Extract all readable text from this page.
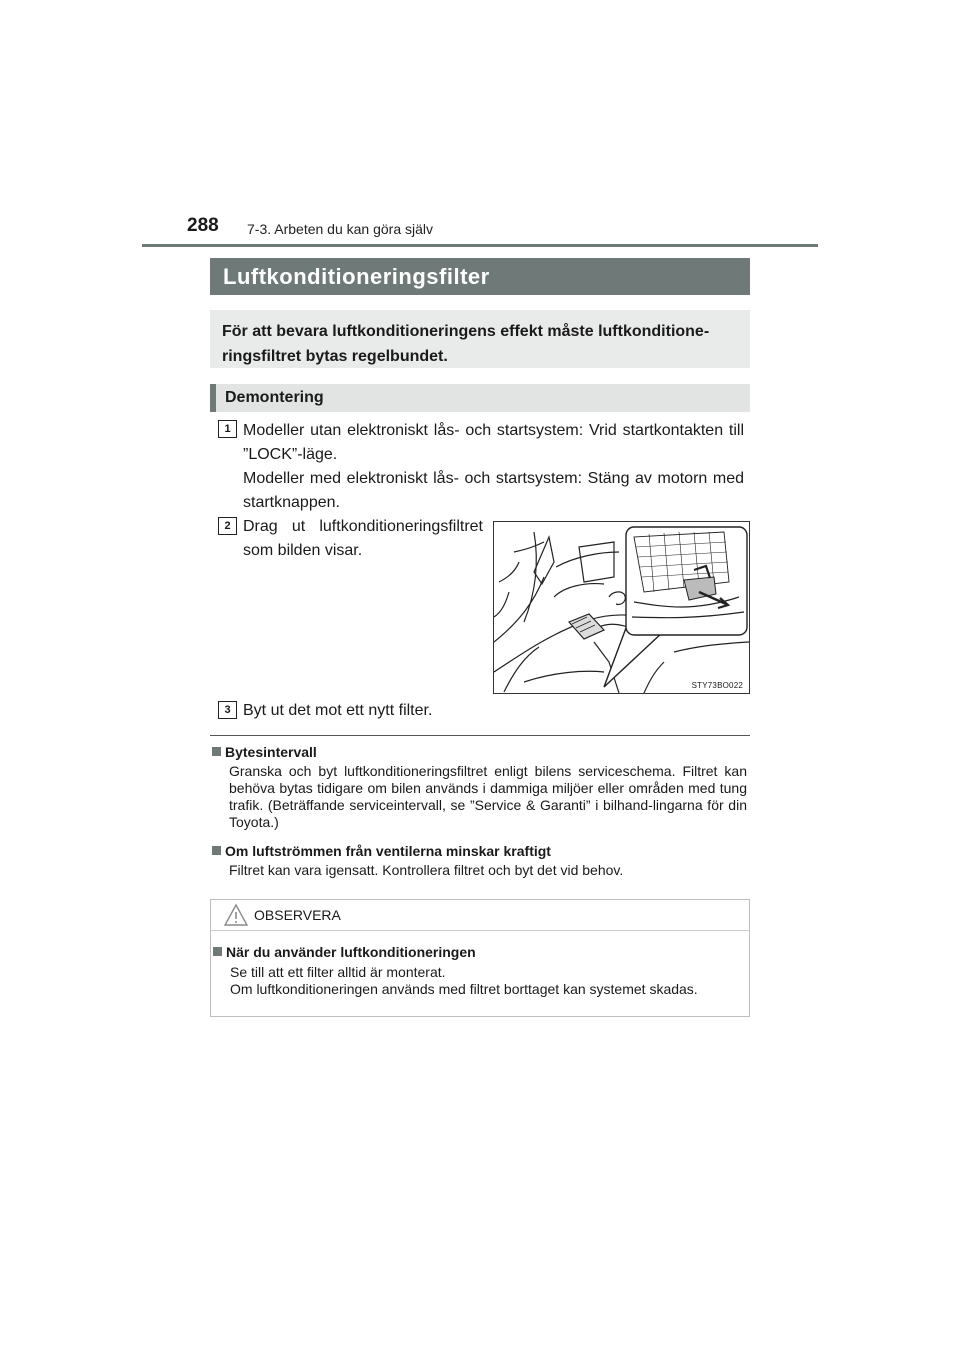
288 7-3. Arbeten du kan göra själv
Luftkonditioneringsfilter
För att bevara luftkonditioneringens effekt måste luftkonditione-ringsfiltret bytas regelbundet.
Demontering
1 Modeller utan elektroniskt lås- och startsystem: Vrid startkontakten till ”LOCK”-läge.
Modeller med elektroniskt lås- och startsystem: Stäng av motorn med startknappen.
2 Drag ut luftkonditioneringsfiltret som bilden visar.
STY73BO022
3 Byt ut det mot ett nytt filter.
Bytesintervall
Granska och byt luftkonditioneringsfiltret enligt bilens serviceschema. Filtret kan behöva bytas tidigare om bilen används i dammiga miljöer eller områden med tung trafik. (Beträffande serviceintervall, se ”Service & Garanti” i bilhand-lingarna för din Toyota.)
Om luftströmmen från ventilerna minskar kraftigt
Filtret kan vara igensatt. Kontrollera filtret och byt det vid behov.
OBSERVERA
När du använder luftkonditioneringen
Se till att ett filter alltid är monterat.
Om luftkonditioneringen används med filtret borttaget kan systemet skadas.
